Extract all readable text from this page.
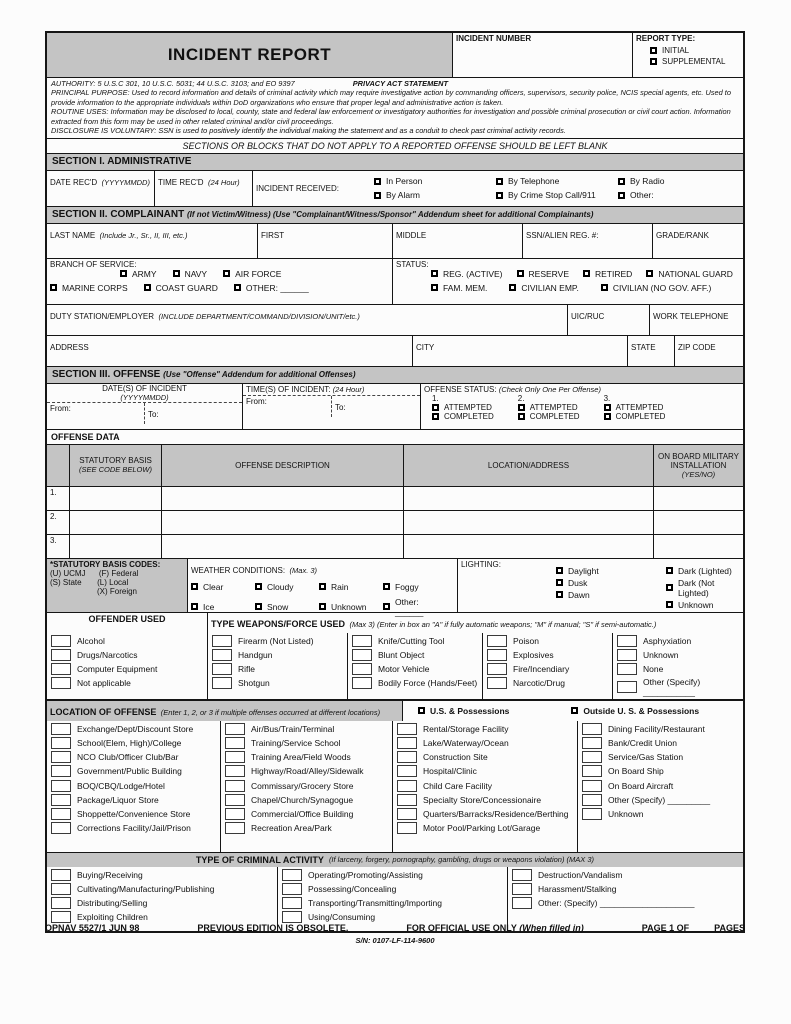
INCIDENT REPORT
INCIDENT NUMBER	REPORT TYPE:
INITIAL
SUPPLEMENTAL
AUTHORITY: 5 U.S.C 301, 10 U.S.C. 5031; 44 U.S.C. 3103; and EO 9397	PRIVACY ACT STATEMENT
PRINCIPAL PURPOSE: Used to record information and details of criminal activity which may require investigative action by commanding officers, supervisors, security police, NCIS special agents, etc. Used to provide information to the appropriate individuals within DoD organizations who ensure that proper legal and administrative action is taken.
ROUTINE USES: Information may be disclosed to local, county, state and federal law enforcement or investigatory authorities for investigation and possible criminal prosecution or civil court action. Information extracted from this form may be used in other related criminal and/or civil proceedings.
DISCLOSURE IS VOLUNTARY: SSN is used to positively identify the individual making the statement and as a conduit to check past criminal activity records.
SECTIONS OR BLOCKS THAT DO NOT APPLY TO A REPORTED OFFENSE SHOULD BE LEFT BLANK
SECTION I. ADMINISTRATIVE
DATE REC'D (YYYYMMDD)	TIME REC'D (24 Hour)
INCIDENT RECEIVED:
In Person	By Telephone	By Radio
By Alarm	By Crime Stop Call/911	Other:
SECTION II. COMPLAINANT (If not Victim/Witness) (Use "Complainant/Witness/Sponsor" Addendum sheet for additional Complainants)
LAST NAME (Include Jr., Sr., II, III, etc.)	FIRST	MIDDLE	SSN/ALIEN REG. #:	GRADE/RANK
BRANCH OF SERVICE:
ARMY	NAVY	AIR FORCE
MARINE CORPS	COAST GUARD	OTHER: ______
STATUS:
REG. (ACTIVE)	RESERVE	RETIRED	NATIONAL GUARD
FAM. MEM.	CIVILIAN EMP.	CIVILIAN (NO GOV. AFF.)
DUTY STATION/EMPLOYER (INCLUDE DEPARTMENT/COMMAND/DIVISION/UNIT/etc.)	UIC/RUC	WORK TELEPHONE
ADDRESS	CITY	STATE	ZIP CODE
SECTION III. OFFENSE (Use "Offense" Addendum for additional Offenses)
DATE(S) OF INCIDENT
(YYYYMMDD)
From:
To:
TIME(S) OF INCIDENT: (24 Hour)
From:
To:
OFFENSE STATUS: (Check Only One Per Offense)
1.
ATTEMPTED
COMPLETED
2.
ATTEMPTED
COMPLETED
3.
ATTEMPTED
COMPLETED
OFFENSE DATA
STATUTORY BASIS
(SEE CODE BELOW)	OFFENSE DESCRIPTION	LOCATION/ADDRESS
ON BOARD MILITARY INSTALLATION
(YES/NO)
1.
2.
3.
*STATUTORY BASIS CODES:
(U) UCMJ      (F) Federal
(S) State       (L) Local
(X) Foreign
WEATHER CONDITIONS: (Max. 3)
Clear	Cloudy	Rain	Foggy
Ice	Snow	Unknown	Other: ______
LIGHTING:
Daylight
Dusk
Dawn
Dark (Lighted)
Dark (Not Lighted)
Unknown
OFFENDER USED	TYPE WEAPONS/FORCE USED (Max 3) (Enter in box an "A" if fully automatic weapons; "M" if manual; "S" if semi-automatic.)
Alcohol
Drugs/Narcotics
Computer Equipment
Not applicable
Firearm (Not Listed)
Handgun
Rifle
Shotgun
Knife/Cutting Tool
Blunt Object
Motor Vehicle
Bodily Force (Hands/Feet)
Poison
Explosives
Fire/Incendiary
Narcotic/Drug
Asphyxiation
Unknown
None
Other (Specify) ___________
LOCATION OF OFFENSE (Enter 1, 2, or 3 if multiple offenses occurred at different locations)	U.S. & Possessions	Outside U. S. & Possessions
Exchange/Dept/Discount Store
School(Elem, High)/College
NCO Club/Officer Club/Bar
Government/Public Building
BOQ/CBQ/Lodge/Hotel
Package/Liquor Store
Shoppette/Convenience Store
Corrections Facility/Jail/Prison
Air/Bus/Train/Terminal
Training/Service School
Training Area/Field Woods
Highway/Road/Alley/Sidewalk
Commissary/Grocery Store
Chapel/Church/Synagogue
Commercial/Office Building
Recreation Area/Park
Rental/Storage Facility
Lake/Waterway/Ocean
Construction Site
Hospital/Clinic
Child Care Facility
Specialty Store/Concessionaire
Quarters/Barracks/Residence/Berthing
Motor Pool/Parking Lot/Garage
Dining Facility/Restaurant
Bank/Credit Union
Service/Gas Station
On Board Ship
On Board Aircraft
Other (Specify) _________
Unknown
TYPE OF CRIMINAL ACTIVITY (If larceny, forgery, pornography, gambling, drugs or weapons violation) (MAX 3)
Buying/Receiving
Cultivating/Manufacturing/Publishing
Distributing/Selling
Exploiting Children
Operating/Promoting/Assisting
Possessing/Concealing
Transporting/Transmitting/Importing
Using/Consuming
Destruction/Vandalism
Harassment/Stalking
Other: (Specify) ____________________
OPNAV 5527/1 JUN 98	PREVIOUS EDITION IS OBSOLETE.	FOR OFFICIAL USE ONLY (When filled in)	PAGE 1 OF ____ PAGES
S/N: 0107-LF-114-9600
